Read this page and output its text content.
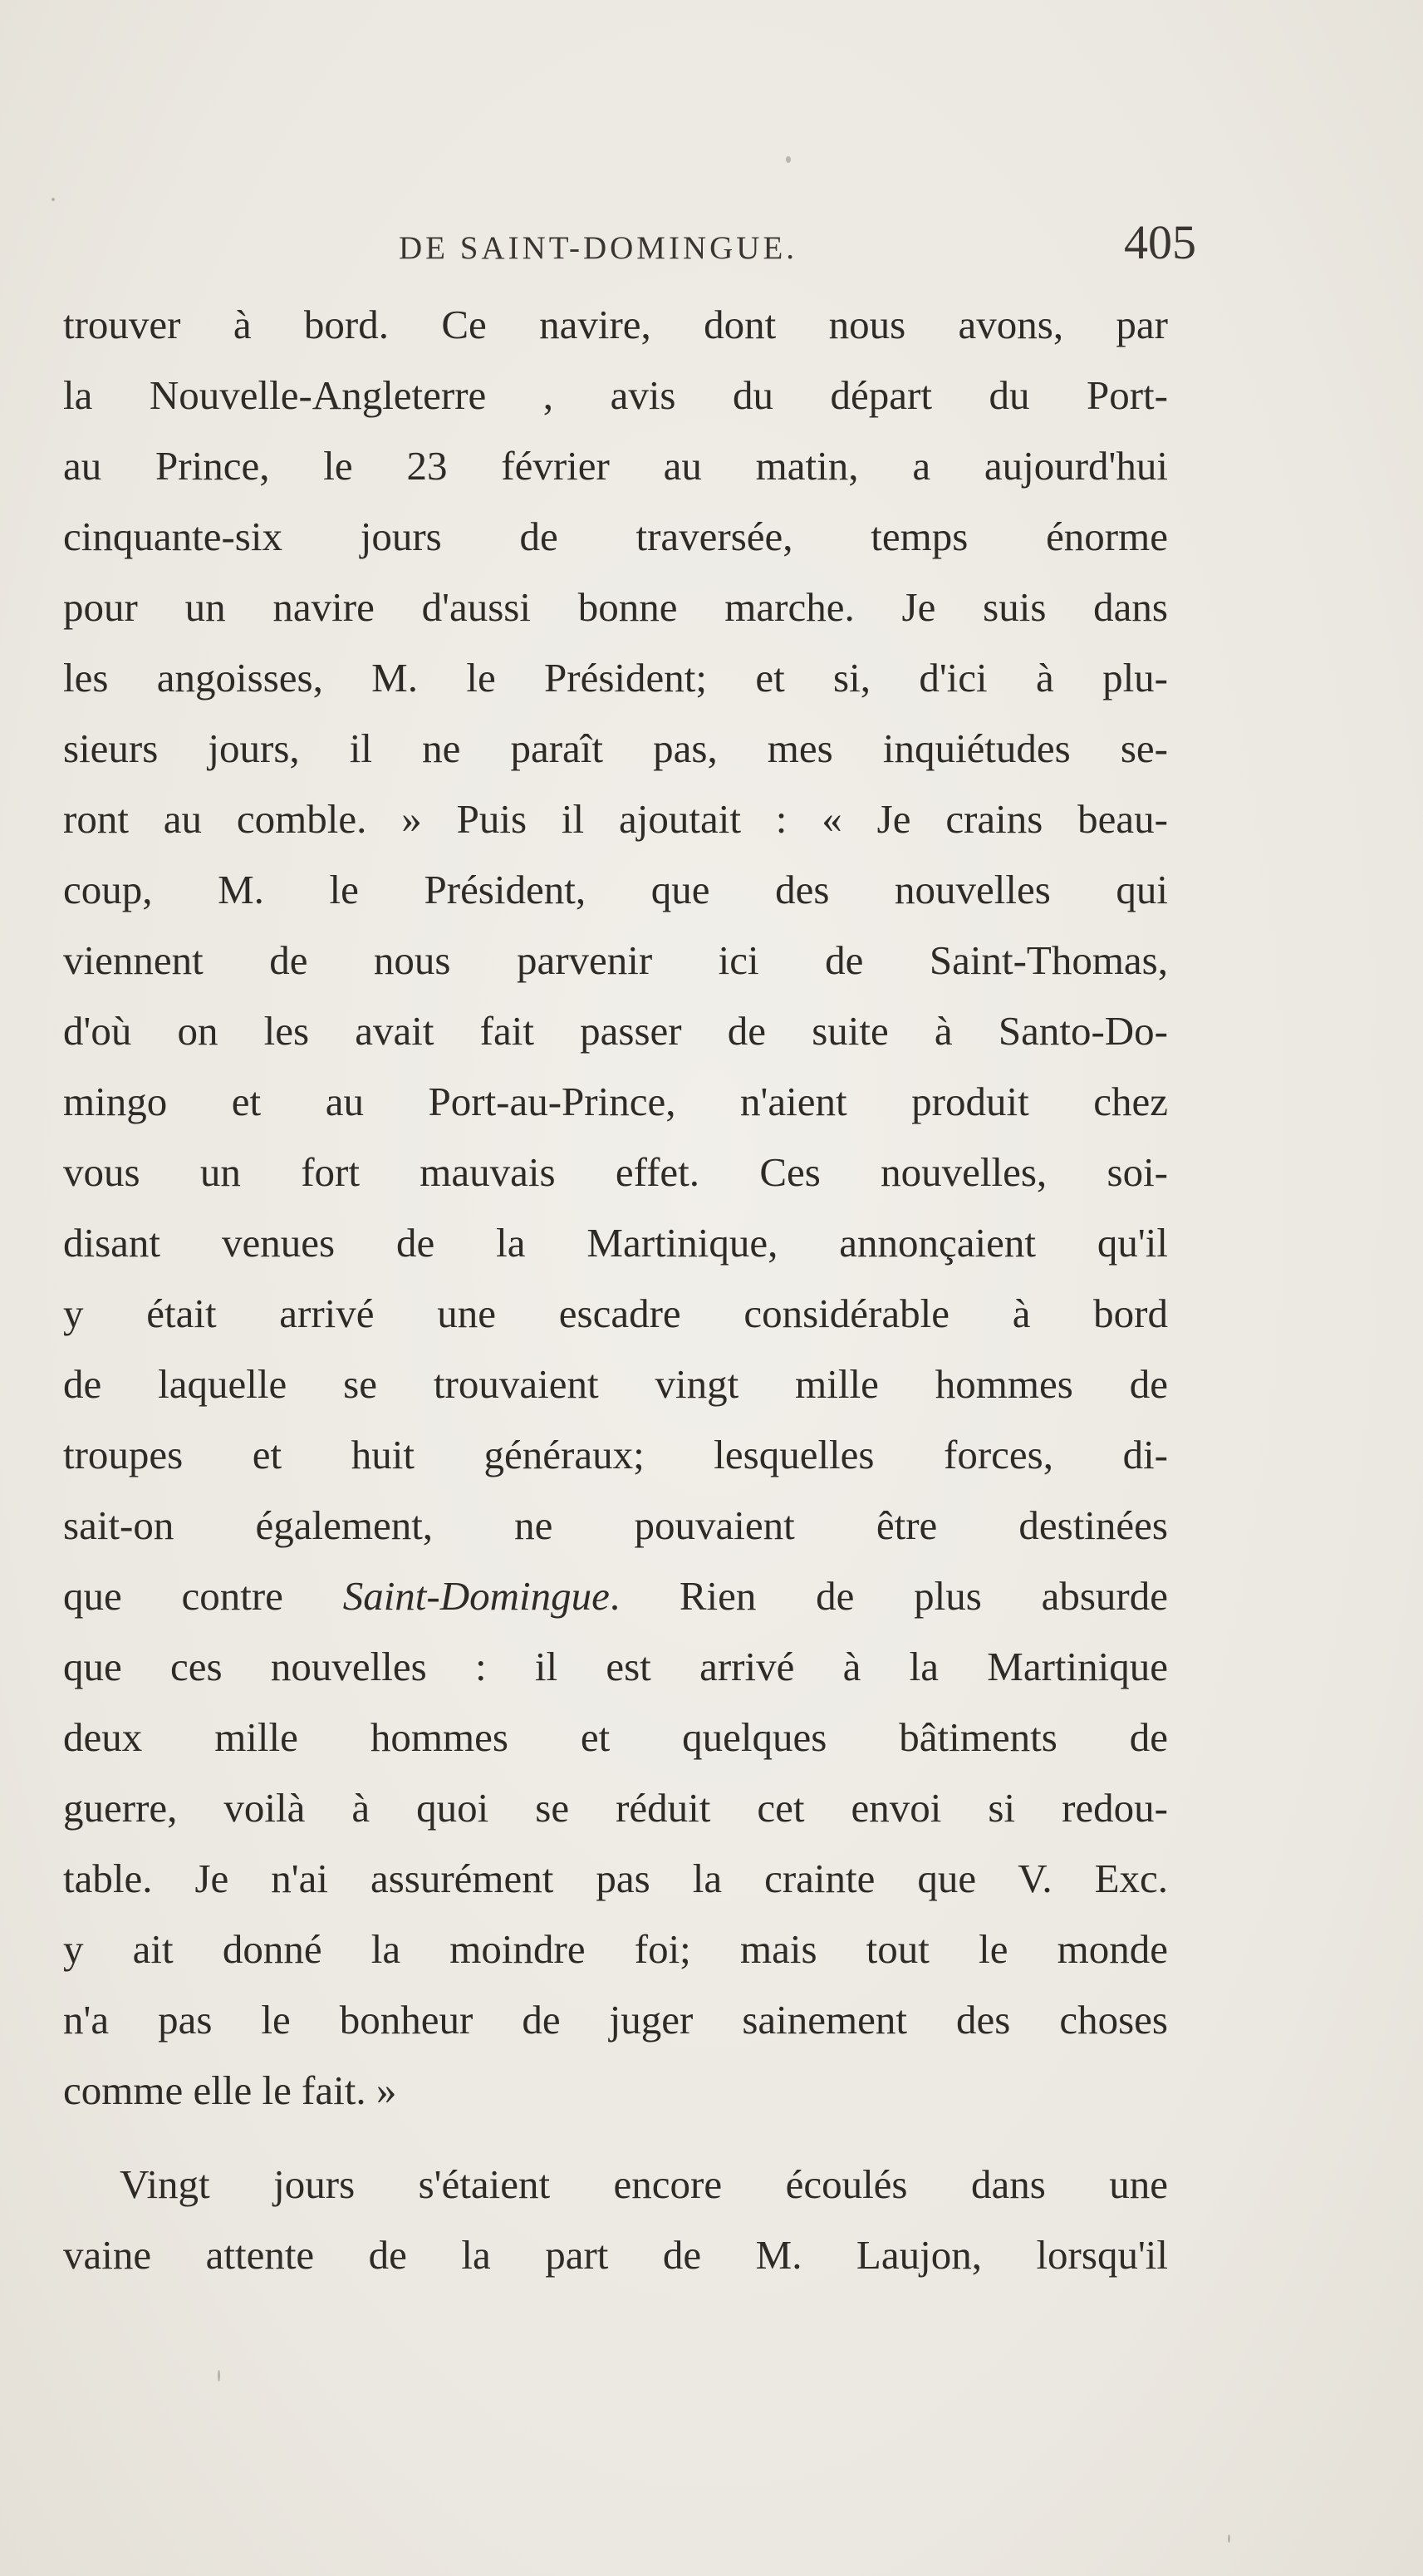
DE SAINT-DOMINGUE.	405
trouver à bord. Ce navire, dont nous avons, par
la Nouvelle-Angleterre , avis du départ du Port-
au Prince, le 23 février au matin, a aujourd'hui
cinquante-six jours de traversée, temps énorme
pour un navire d'aussi bonne marche. Je suis dans
les angoisses, M. le Président; et si, d'ici à plu-
sieurs jours, il ne paraît pas, mes inquiétudes se-
ront au comble. » Puis il ajoutait : « Je crains beau-
coup, M. le Président, que des nouvelles qui
viennent de nous parvenir ici de Saint-Thomas,
d'où on les avait fait passer de suite à Santo-Do-
mingo et au Port-au-Prince, n'aient produit chez
vous un fort mauvais effet. Ces nouvelles, soi-
disant venues de la Martinique, annonçaient qu'il
y était arrivé une escadre considérable à bord
de laquelle se trouvaient vingt mille hommes de
troupes et huit généraux; lesquelles forces, di-
sait-on également, ne pouvaient être destinées
que contre Saint-Domingue. Rien de plus absurde
que ces nouvelles : il est arrivé à la Martinique
deux mille hommes et quelques bâtiments de
guerre, voilà à quoi se réduit cet envoi si redou-
table. Je n'ai assurément pas la crainte que V. Exc.
y ait donné la moindre foi; mais tout le monde
n'a pas le bonheur de juger sainement des choses
comme elle le fait. »
Vingt jours s'étaient encore écoulés dans une
vaine attente de la part de M. Laujon, lorsqu'il
